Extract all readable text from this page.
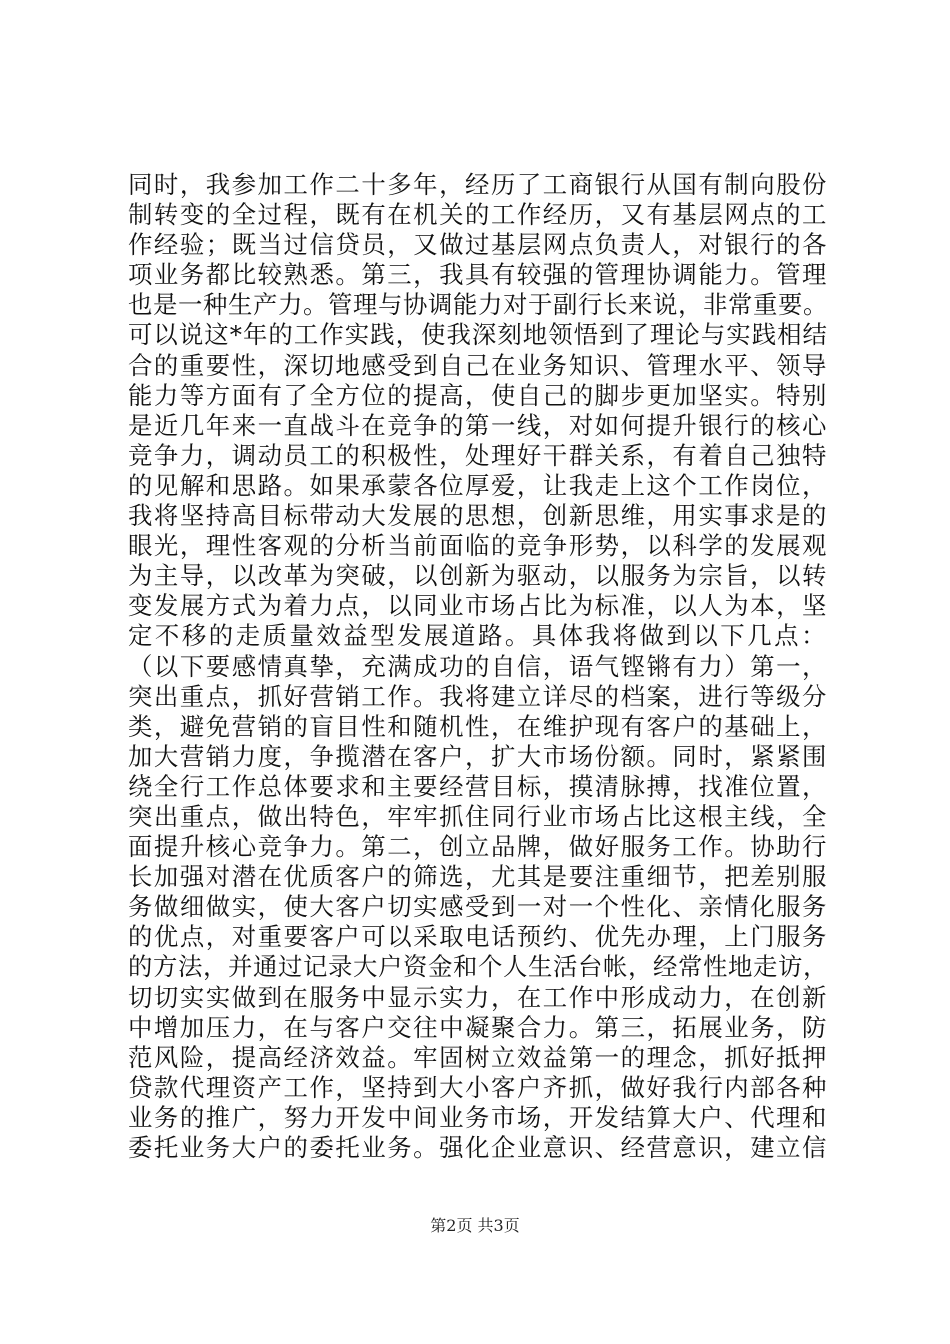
同时，我参加工作二十多年，经历了工商银行从国有制向股份
制转变的全过程，既有在机关的工作经历，又有基层网点的工
作经验；既当过信贷员，又做过基层网点负责人，对银行的各
项业务都比较熟悉。第三，我具有较强的管理协调能力。管理
也是一种生产力。管理与协调能力对于副行长来说，非常重要。
可以说这*年的工作实践，使我深刻地领悟到了理论与实践相结
合的重要性，深切地感受到自己在业务知识、管理水平、领导
能力等方面有了全方位的提高，使自己的脚步更加坚实。特别
是近几年来一直战斗在竞争的第一线，对如何提升银行的核心
竞争力，调动员工的积极性，处理好干群关系，有着自己独特
的见解和思路。如果承蒙各位厚爱，让我走上这个工作岗位，
我将坚持高目标带动大发展的思想，创新思维，用实事求是的
眼光，理性客观的分析当前面临的竞争形势，以科学的发展观
为主导，以改革为突破，以创新为驱动，以服务为宗旨，以转
变发展方式为着力点，以同业市场占比为标准，以人为本，坚
定不移的走质量效益型发展道路。具体我将做到以下几点：
（以下要感情真挚，充满成功的自信，语气铿锵有力）第一，
突出重点，抓好营销工作。我将建立详尽的档案，进行等级分
类，避免营销的盲目性和随机性，在维护现有客户的基础上，
加大营销力度，争揽潜在客户，扩大市场份额。同时，紧紧围
绕全行工作总体要求和主要经营目标，摸清脉搏，找准位置，
突出重点，做出特色，牢牢抓住同行业市场占比这根主线，全
面提升核心竞争力。第二，创立品牌，做好服务工作。协助行
长加强对潜在优质客户的筛选，尤其是要注重细节，把差别服
务做细做实，使大客户切实感受到一对一个性化、亲情化服务
的优点，对重要客户可以采取电话预约、优先办理，上门服务
的方法，并通过记录大户资金和个人生活台帐，经常性地走访，
切切实实做到在服务中显示实力，在工作中形成动力，在创新
中增加压力，在与客户交往中凝聚合力。第三，拓展业务，防
范风险，提高经济效益。牢固树立效益第一的理念，抓好抵押
贷款代理资产工作，坚持到大小客户齐抓，做好我行内部各种
业务的推广，努力开发中间业务市场，开发结算大户、代理和
委托业务大户的委托业务。强化企业意识、经营意识，建立信
第2页 共3页
